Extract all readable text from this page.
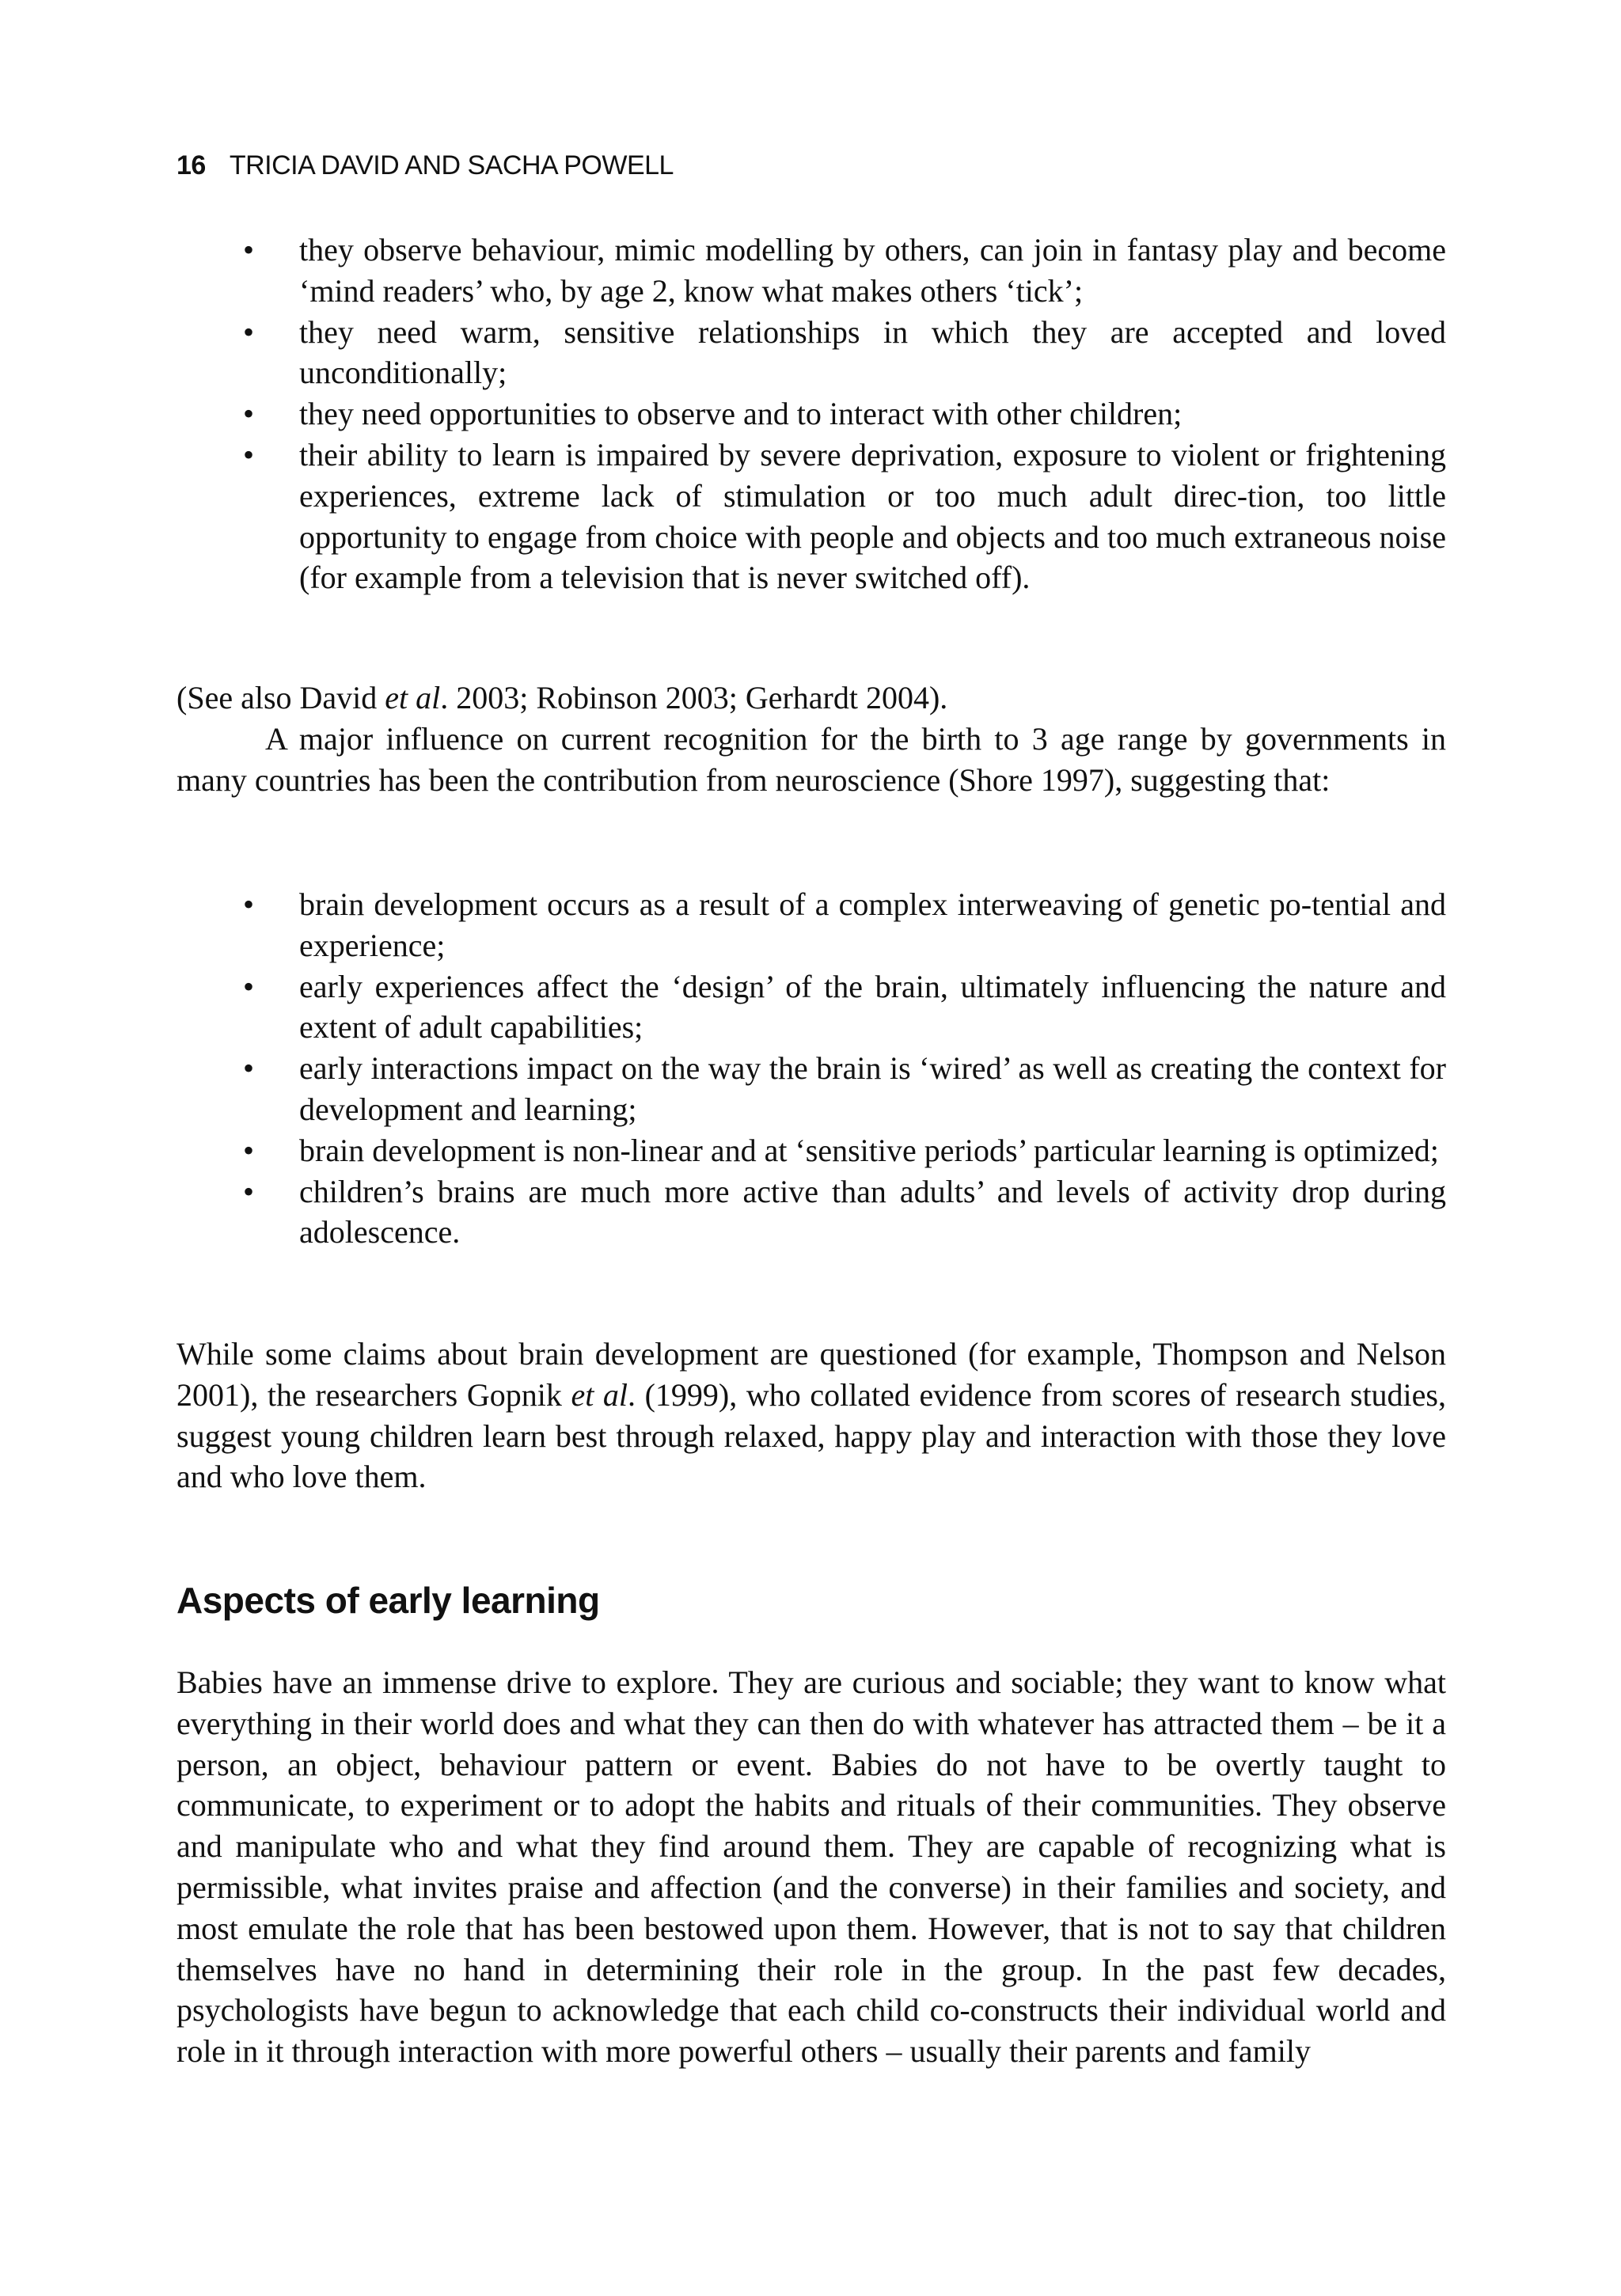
16 TRICIA DAVID AND SACHA POWELL
• they observe behaviour, mimic modelling by others, can join in fantasy play and become ‘mind readers’ who, by age 2, know what makes others ‘tick’;
• they need warm, sensitive relationships in which they are accepted and loved unconditionally;
• they need opportunities to observe and to interact with other children;
• their ability to learn is impaired by severe deprivation, exposure to violent or frightening experiences, extreme lack of stimulation or too much adult direc-tion, too little opportunity to engage from choice with people and objects and too much extraneous noise (for example from a television that is never switched off).

(See also David et al. 2003; Robinson 2003; Gerhardt 2004).

A major influence on current recognition for the birth to 3 age range by governments in many countries has been the contribution from neuroscience (Shore 1997), suggesting that:

• brain development occurs as a result of a complex interweaving of genetic po-tential and experience;
• early experiences affect the ‘design’ of the brain, ultimately influencing the nature and extent of adult capabilities;
• early interactions impact on the way the brain is ‘wired’ as well as creating the context for development and learning;
• brain development is non-linear and at ‘sensitive periods’ particular learning is optimized;
• children’s brains are much more active than adults’ and levels of activity drop during adolescence.

While some claims about brain development are questioned (for example, Thompson and Nelson 2001), the researchers Gopnik et al. (1999), who collated evidence from scores of research studies, suggest young children learn best through relaxed, happy play and interaction with those they love and who love them.

Aspects of early learning

Babies have an immense drive to explore. They are curious and sociable; they want to know what everything in their world does and what they can then do with whatever has attracted them – be it a person, an object, behaviour pattern or event. Babies do not have to be overtly taught to communicate, to experiment or to adopt the habits and rituals of their communities. They observe and manipulate who and what they find around them. They are capable of recognizing what is permissible, what invites praise and affection (and the converse) in their families and society, and most emulate the role that has been bestowed upon them. However, that is not to say that children themselves have no hand in determining their role in the group. In the past few decades, psychologists have begun to acknowledge that each child co-constructs their individual world and role in it through interaction with more powerful others – usually their parents and family
